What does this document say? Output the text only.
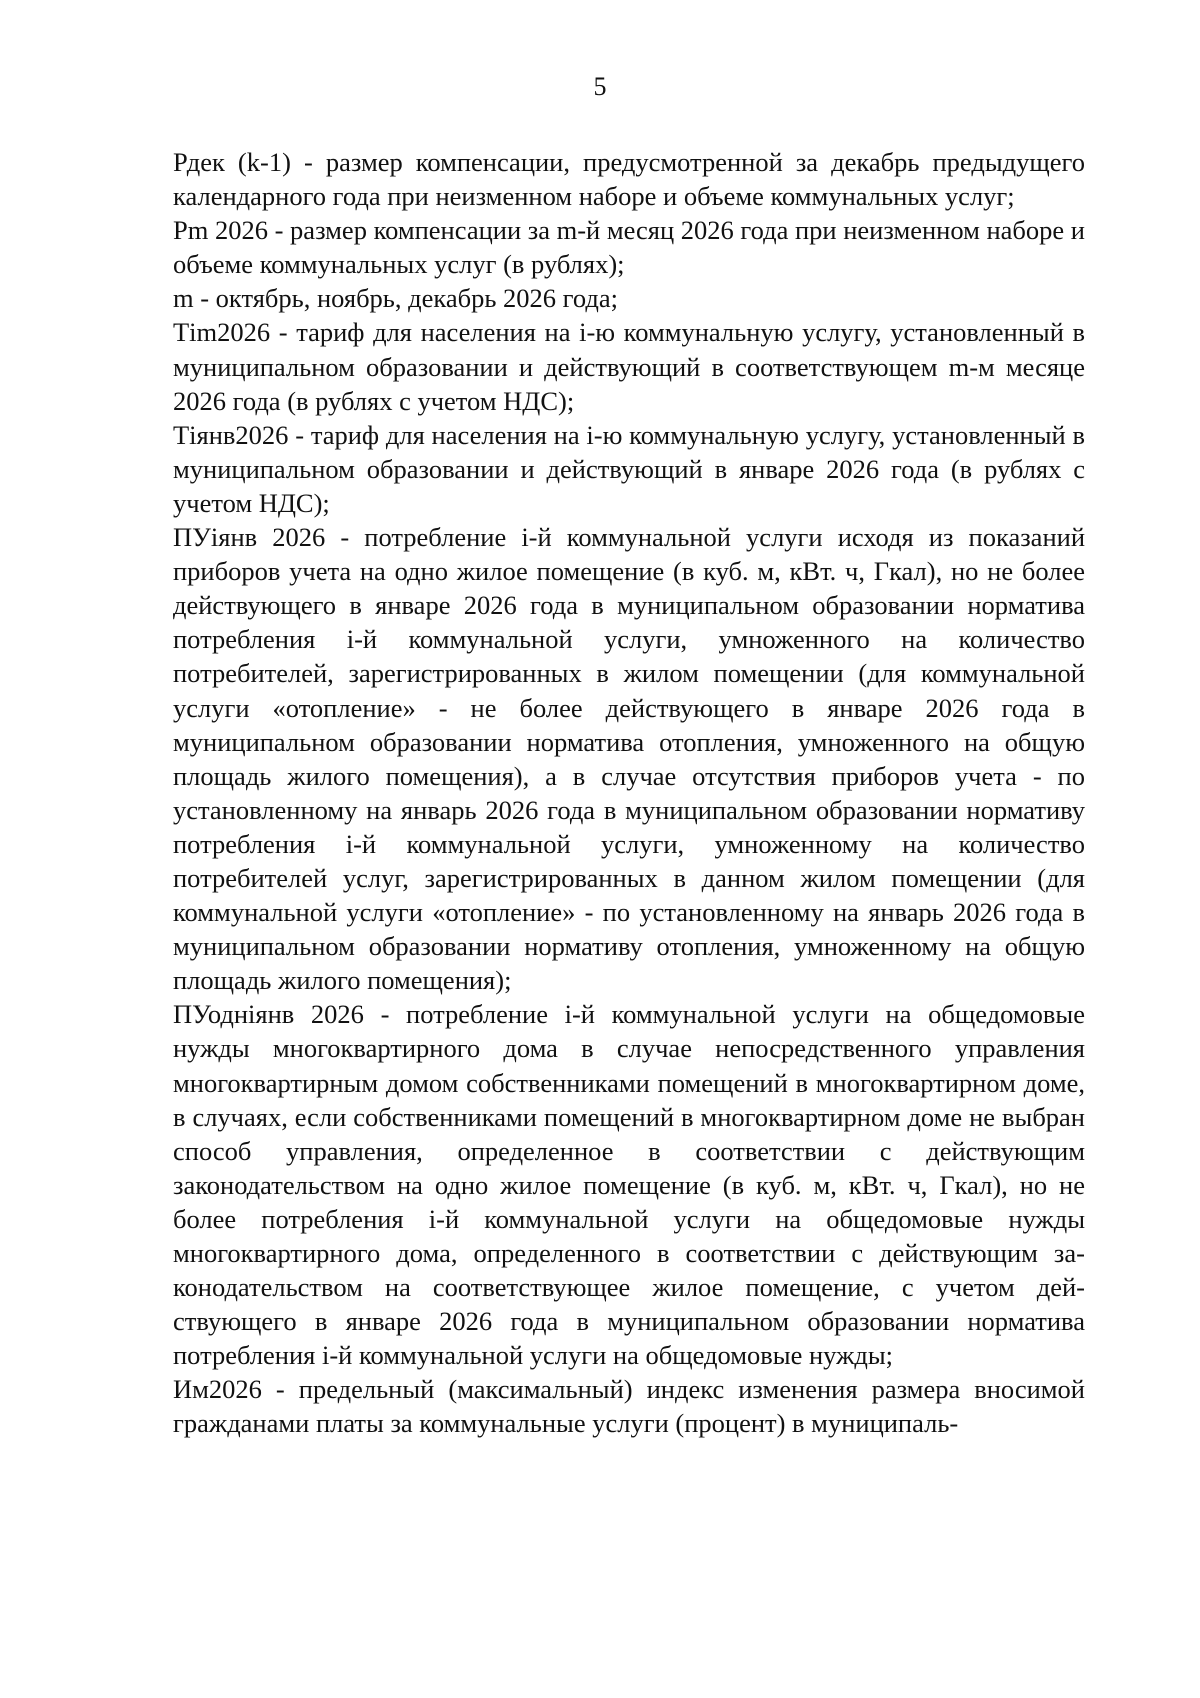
5

Рдек (k-1) - размер компенсации, предусмотренной за декабрь предыдущего календарного года при неизменном наборе и объеме коммунальных услуг;

Рm 2026 - размер компенсации за m-й месяц 2026 года при неизменном наборе и объеме коммунальных услуг (в рублях);

m - октябрь, ноябрь, декабрь 2026 года;

Тim2026 - тариф для населения на i-ю коммунальную услугу, установленный в муниципальном образовании и действующий в соответствующем m-м месяце 2026 года (в рублях с учетом НДС);

Тiянв2026 - тариф для населения на i-ю коммунальную услугу, установленный в муниципальном образовании и действующий в январе 2026 года (в рублях с учетом НДС);

ПУiянв 2026 - потребление i-й коммунальной услуги исходя из показаний приборов учета на одно жилое помещение (в куб. м, кВт. ч, Гкал), но не более действующего в январе 2026 года в муниципальном образовании норматива потребления i-й коммунальной услуги, умноженного на количество потребителей, зарегистрированных в жилом помещении (для коммунальной услуги «отопление» - не более действующего в январе 2026 года в муниципальном образовании норматива отопления, умноженного на общую площадь жилого помещения), а в случае отсутствия приборов учета - по установленному на январь 2026 года в муниципальном образовании нормативу потребления i-й коммунальной услуги, умноженному на количество потребителей услуг, зарегистрированных в данном жилом помещении (для коммунальной услуги «отопление» - по установленному на январь 2026 года в муниципальном образовании нормативу отопления, умноженному на общую площадь жилого помещения);

ПУоднiянв 2026 - потребление i-й коммунальной услуги на общедомовые нужды многоквартирного дома в случае непосредственного управления многоквартирным домом собственниками помещений в многоквартирном доме, в случаях, если собственниками помещений в многоквартирном доме не выбран способ управления, определенное в соответствии с действующим законодательством на одно жилое помещение (в куб. м, кВт. ч, Гкал), но не более потребления i-й коммунальной услуги на общедомовые нужды многоквартирного дома, определенного в соответствии с действующим законодательством на соответствующее жилое помещение, с учетом действующего в январе 2026 года в муниципальном образовании норматива потребления i-й коммунальной услуги на общедомовые нужды;

Им2026 - предельный (максимальный) индекс изменения размера вносимой гражданами платы за коммунальные услуги (процент) в муниципаль-
